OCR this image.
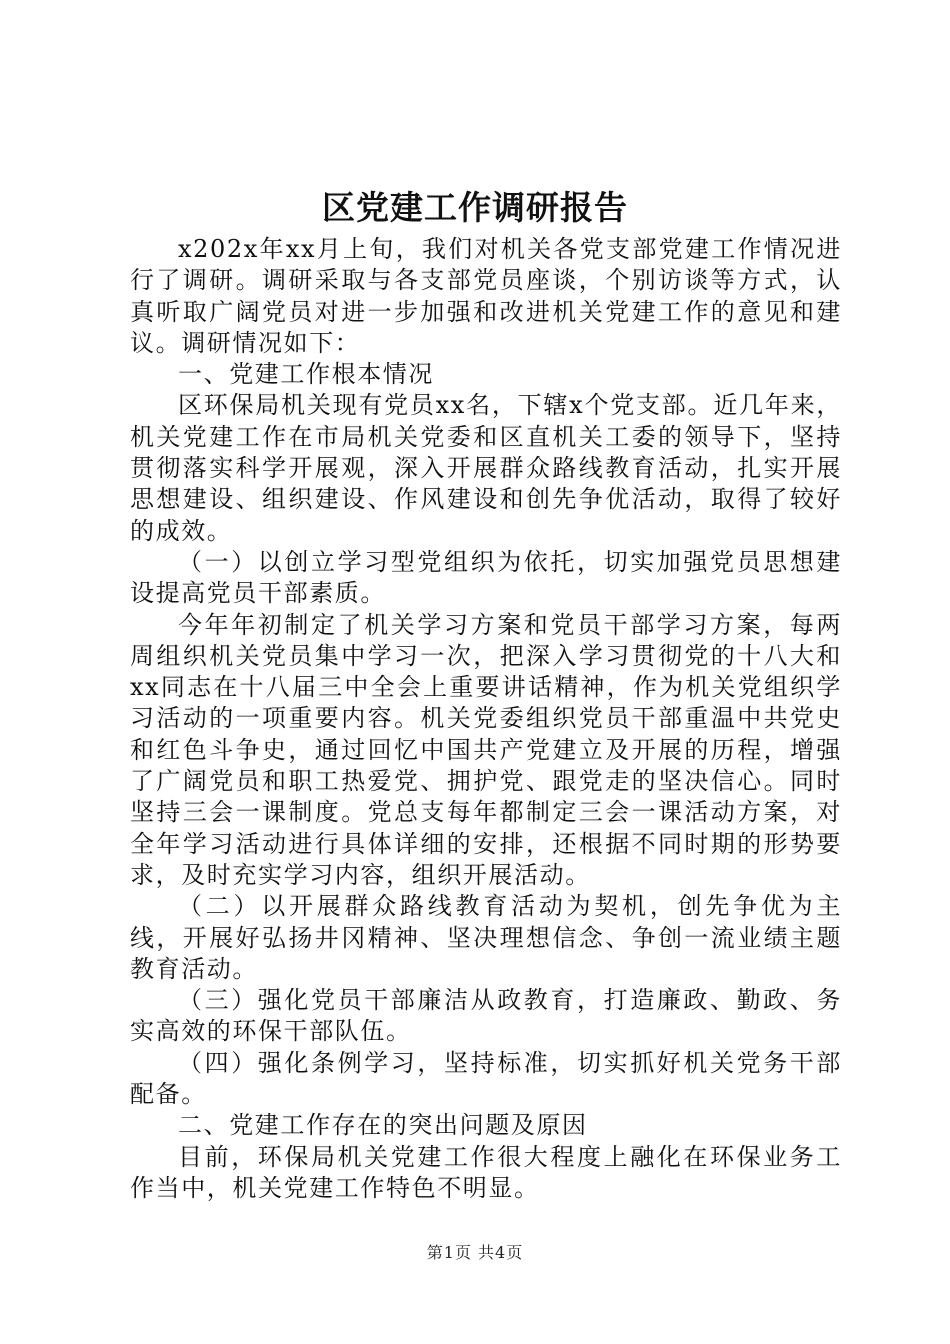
区党建工作调研报告

x202x年xx月上旬，我们对机关各党支部党建工作情况进行了调研。调研采取与各支部党员座谈，个别访谈等方式，认真听取广阔党员对进一步加强和改进机关党建工作的意见和建议。调研情况如下：

一、党建工作根本情况

区环保局机关现有党员xx名，下辖x个党支部。近几年来，机关党建工作在市局机关党委和区直机关工委的领导下，坚持贯彻落实科学开展观，深入开展群众路线教育活动，扎实开展思想建设、组织建设、作风建设和创先争优活动，取得了较好的成效。

（一）以创立学习型党组织为依托，切实加强党员思想建设提高党员干部素质。

今年年初制定了机关学习方案和党员干部学习方案，每两周组织机关党员集中学习一次，把深入学习贯彻党的十八大和xx同志在十八届三中全会上重要讲话精神，作为机关党组织学习活动的一项重要内容。机关党委组织党员干部重温中共党史和红色斗争史，通过回忆中国共产党建立及开展的历程，增强了广阔党员和职工热爱党、拥护党、跟党走的坚决信心。同时坚持三会一课制度。党总支每年都制定三会一课活动方案，对全年学习活动进行具体详细的安排，还根据不同时期的形势要求，及时充实学习内容，组织开展活动。

（二）以开展群众路线教育活动为契机，创先争优为主线，开展好弘扬井冈精神、坚决理想信念、争创一流业绩主题教育活动。

（三）强化党员干部廉洁从政教育，打造廉政、勤政、务实高效的环保干部队伍。

（四）强化条例学习，坚持标准，切实抓好机关党务干部配备。

二、党建工作存在的突出问题及原因

目前，环保局机关党建工作很大程度上融化在环保业务工作当中，机关党建工作特色不明显。

第1页 共4页
